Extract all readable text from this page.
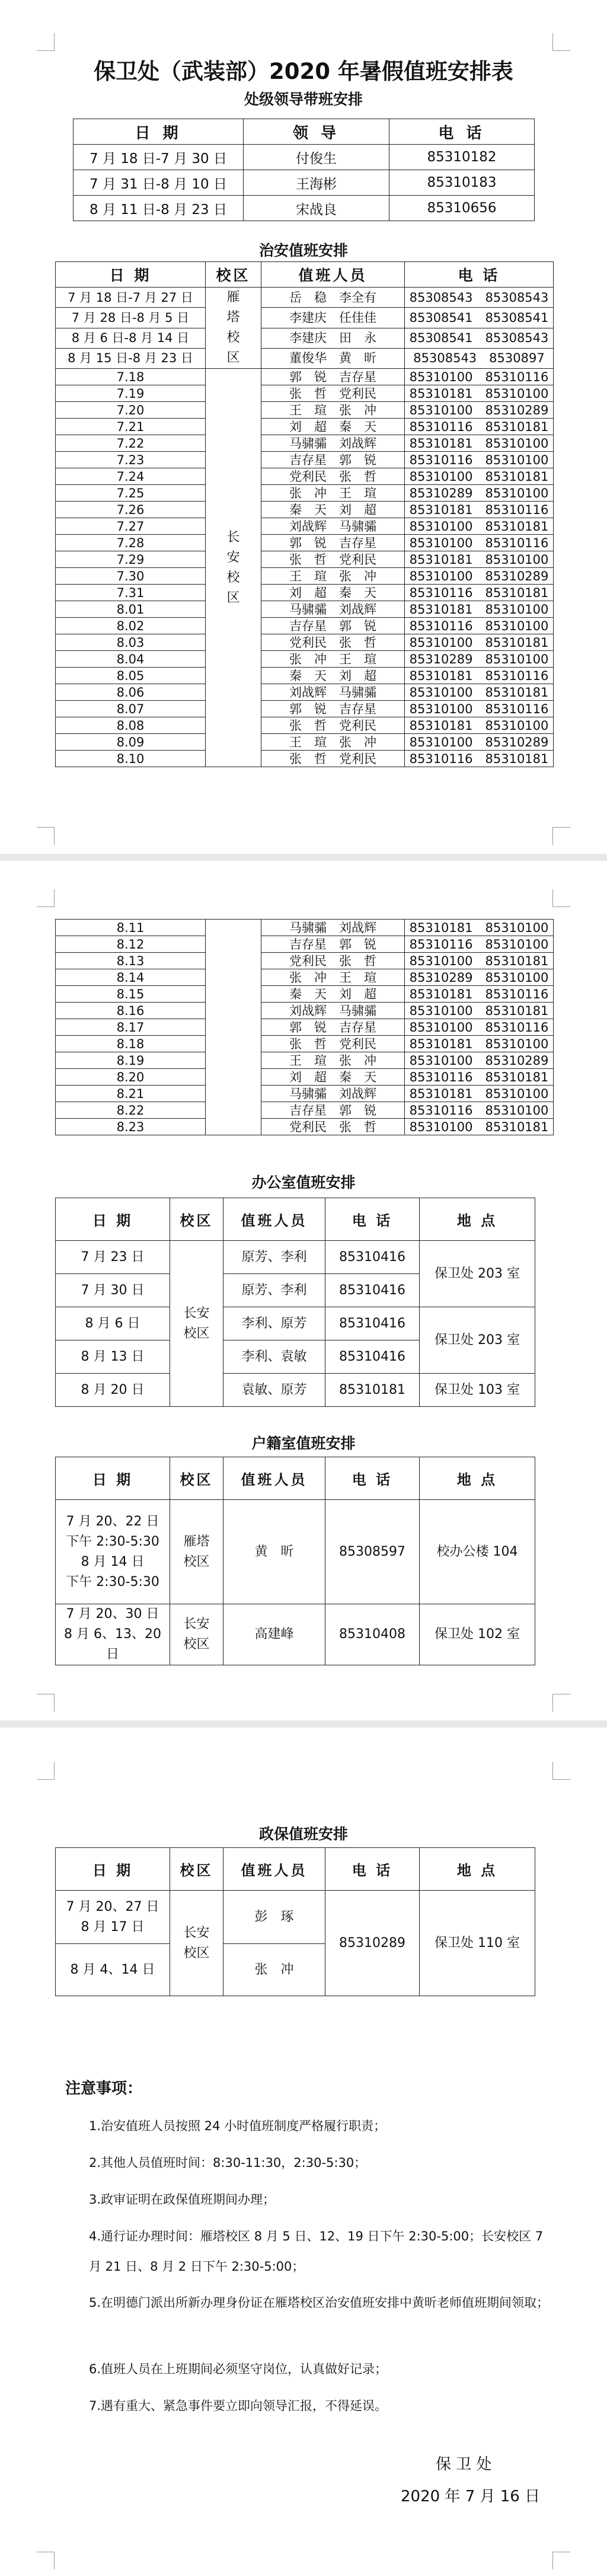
保卫处（武装部）2020 年暑假值班安排表
处级领导带班安排
日 期	领 导	电 话
7 月 18 日-7 月 30 日	付俊生	85310182
7 月 31 日-8 月 10 日	王海彬	85310183
8 月 11 日-8 月 23 日	宋战良	85310656
治安值班安排
日 期	校区	值班人员	电 话
7 月 18 日-7 月 27 日	雁塔校区	岳　稳　李全有	85308543　85308543
7 月 28 日-8 月 5 日		李建庆　任佳佳	85308541　85308541
8 月 6 日-8 月 14 日		李建庆　田　永	85308541　85308543
8 月 15 日-8 月 23 日		董俊华　黄　昕	85308543　8530897
7.18	长安校区	郭　锐　吉存星	85310100　85310116
7.19		张　哲　党利民	85310181　85310100
7.20		王　瑄　张　冲	85310100　85310289
7.21		刘　超　秦　天	85310116　85310181
7.22		马骕骦　刘战辉	85310181　85310100
7.23		吉存星　郭　锐	85310116　85310100
7.24		党利民　张　哲	85310100　85310181
7.25		张　冲　王　瑄	85310289　85310100
7.26		秦　天　刘　超	85310181　85310116
7.27		刘战辉　马骕骦	85310100　85310181
7.28		郭　锐　吉存星	85310100　85310116
7.29		张　哲　党利民	85310181　85310100
7.30		王　瑄　张　冲	85310100　85310289
7.31		刘　超　秦　天	85310116　85310181
8.01		马骕骦　刘战辉	85310181　85310100
8.02		吉存星　郭　锐	85310116　85310100
8.03		党利民　张　哲	85310100　85310181
8.04		张　冲　王　瑄	85310289　85310100
8.05		秦　天　刘　超	85310181　85310116
8.06		刘战辉　马骕骦	85310100　85310181
8.07		郭　锐　吉存星	85310100　85310116
8.08		张　哲　党利民	85310181　85310100
8.09		王　瑄　张　冲	85310100　85310289
8.10		张　哲　党利民	85310116　85310181
8.11		马骕骦　刘战辉	85310181　85310100
8.12		吉存星　郭　锐	85310116　85310100
8.13		党利民　张　哲	85310100　85310181
8.14		张　冲　王　瑄	85310289　85310100
8.15		秦　天　刘　超	85310181　85310116
8.16		刘战辉　马骕骦	85310100　85310181
8.17		郭　锐　吉存星	85310100　85310116
8.18		张　哲　党利民	85310181　85310100
8.19		王　瑄　张　冲	85310100　85310289
8.20		刘　超　秦　天	85310116　85310181
8.21		马骕骦　刘战辉	85310181　85310100
8.22		吉存星　郭　锐	85310116　85310100
8.23		党利民　张　哲	85310100　85310181
办公室值班安排
日 期	校区	值班人员	电 话	地 点
7 月 23 日	长安校区	原芳、李利	85310416	保卫处 203 室
7 月 30 日		原芳、李利	85310416	
8 月 6 日		李利、原芳	85310416	保卫处 203 室
8 月 13 日		李利、袁敏	85310416	
8 月 20 日		袁敏、原芳	85310181	保卫处 103 室
户籍室值班安排
日 期	校区	值班人员	电 话	地 点

7 月 20、22 日
下午 2:30-5:30
8 月 14 日
下午 2:30-5:30	雁塔校区	黄　昕	85308597	校办公楼 104

7 月 20、30 日
8 月 6、13、20 日	长安校区	高建峰	85310408	保卫处 102 室
政保值班安排
日 期	校区	值班人员	电 话	地 点

7 月 20、27 日
8 月 17 日	长安校区	彭　琢	85310289	保卫处 110 室
8 月 4、14 日		张　冲		
注意事项：
1.治安值班人员按照 24 小时值班制度严格履行职责；
2.其他人员值班时间：8:30-11:30，2:30-5:30；
3.政审证明在政保值班期间办理；
4.通行证办理时间：雁塔校区 8 月 5 日、12、19 日下午 2:30-5:00；长安校区 7 月 21 日、8 月 2 日下午 2:30-5:00；
5.在明德门派出所新办理身份证在雁塔校区治安值班安排中黄昕老师值班期间领取；
6.值班人员在上班期间必须坚守岗位，认真做好记录；
7.遇有重大、紧急事件要立即向领导汇报，不得延误。
保 卫 处
2020 年 7 月 16 日
